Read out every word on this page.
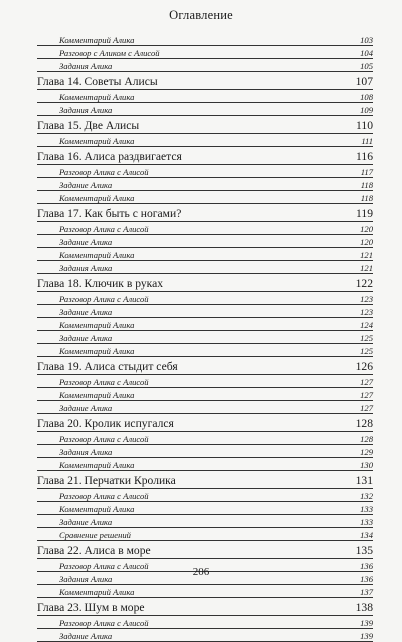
Оглавление
Комментарий Алика	103
Разговор с Аликом с Алисой	104
Задания Алика	105
Глава 14. Советы Алисы	107
Комментарий Алика	108
Задания Алика	109
Глава 15. Две Алисы	110
Комментарий Алика	111
Глава 16. Алиса раздвигается	116
Разговор Алика с Алисой	117
Задание Алика	118
Комментарий Алика	118
Глава 17. Как быть с ногами?	119
Разговор Алика с Алисой	120
Задание Алика	120
Комментарий Алика	121
Задания Алика	121
Глава 18. Ключик в руках	122
Разговор Алика с Алисой	123
Задание Алика	123
Комментарий Алика	124
Задание Алика	125
Комментарий Алика	125
Глава 19. Алиса стыдит себя	126
Разговор Алика с Алисой	127
Комментарий Алика	127
Задание Алика	127
Глава 20. Кролик испугался	128
Разговор Алика с Алисой	128
Задания Алика	129
Комментарий Алика	130
Глава 21. Перчатки Кролика	131
Разговор Алика с Алисой	132
Комментарий Алика	133
Задание Алика	133
Сравнение решений	134
Глава 22. Алиса в море	135
Разговор Алика с Алисой	136
Задания Алика	136
Комментарий Алика	137
Глава 23. Шум в море	138
Разговор Алика с Алисой	139
Задание Алика	139
206
